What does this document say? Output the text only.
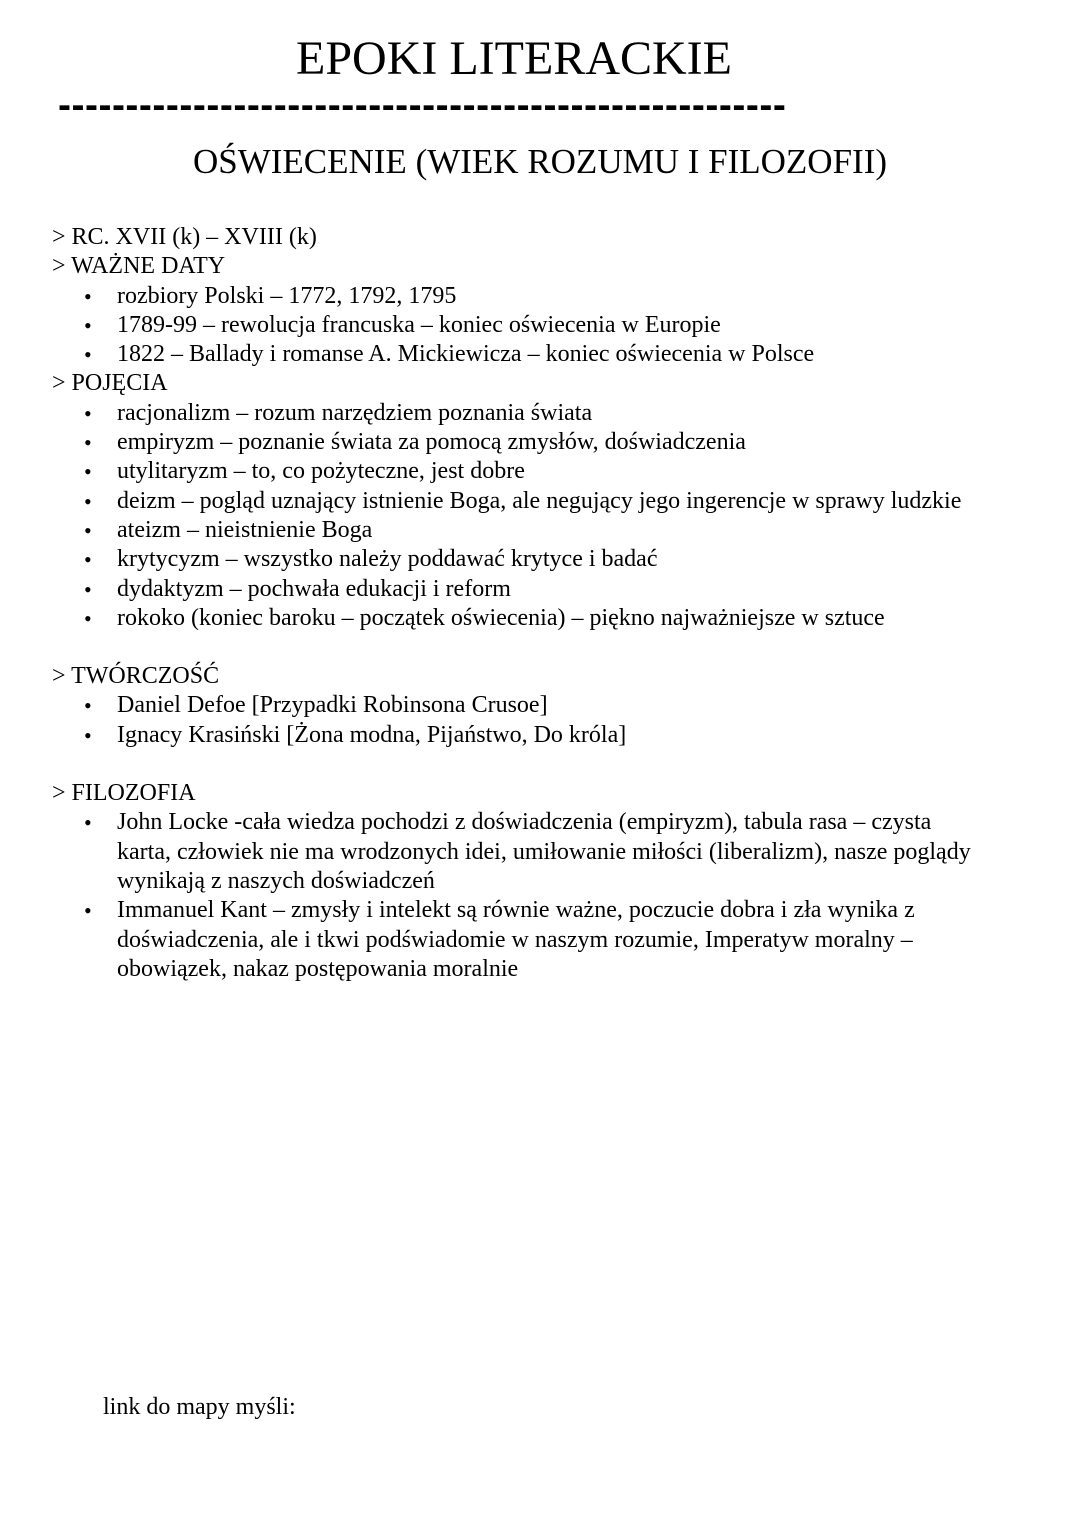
EPOKI LITERACKIE
------------------------------------------------------
OŚWIECENIE (WIEK ROZUMU I FILOZOFII)

> RC. XVII (k) – XVIII (k)

> WAŻNE DATY
• rozbiory Polski – 1772, 1792, 1795
• 1789-99 – rewolucja francuska – koniec oświecenia w Europie
• 1822 – Ballady i romanse A. Mickiewicza – koniec oświecenia w Polsce
> POJĘCIA
• racjonalizm – rozum narzędziem poznania świata
• empiryzm – poznanie świata za pomocą zmysłów, doświadczenia
• utylitaryzm – to, co pożyteczne, jest dobre
• deizm – pogląd uznający istnienie Boga, ale negujący jego ingerencje w sprawy ludzkie
• ateizm – nieistnienie Boga
• krytycyzm – wszystko należy poddawać krytyce i badać
• dydaktyzm – pochwała edukacji i reform
• rokoko (koniec baroku – początek oświecenia) – piękno najważniejsze w sztuce
> TWÓRCZOŚĆ
• Daniel Defoe [Przypadki Robinsona Crusoe]
• Ignacy Krasiński [Żona modna, Pijaństwo, Do króla]
> FILOZOFIA
• John Locke -cała wiedza pochodzi z doświadczenia (empiryzm), tabula rasa – czysta karta, człowiek nie ma wrodzonych idei, umiłowanie miłości (liberalizm), nasze poglądy wynikają z naszych doświadczeń
• Immanuel Kant – zmysły i intelekt są równie ważne, poczucie dobra i zła wynika z doświadczenia, ale i tkwi podświadomie w naszym rozumie, Imperatyw moralny – obowiązek, nakaz postępowania moralnie
link do mapy myśli:
